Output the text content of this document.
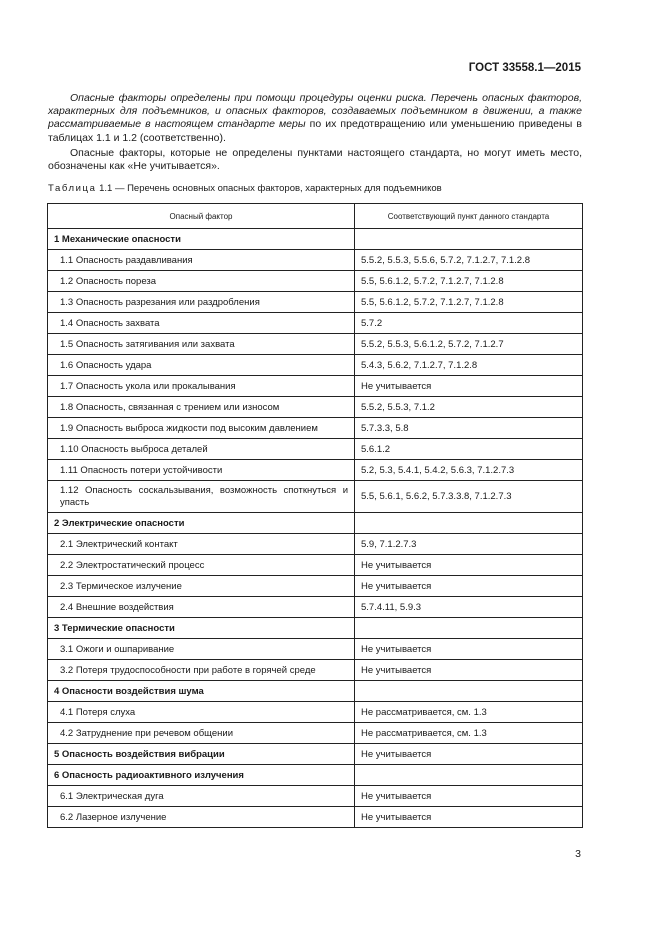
ГОСТ 33558.1—2015

Опасные факторы определены при помощи процедуры оценки риска. Перечень опасных факторов, характерных для подъемников, и опасных факторов, создаваемых подъемником в движении, а также рассматриваемые в настоящем стандарте меры по их предотвращению или уменьшению приведены в таблицах 1.1 и 1.2 (соответственно).

Опасные факторы, которые не определены пунктами настоящего стандарта, но могут иметь место, обозначены как «Не учитывается».

Таблица 1.1 — Перечень основных опасных факторов, характерных для подъемников
Опасный фактор	Соответствующий пункт данного стандарта
1 Механические опасности	
1.1 Опасность раздавливания	5.5.2, 5.5.3, 5.5.6, 5.7.2, 7.1.2.7, 7.1.2.8
1.2 Опасность пореза	5.5, 5.6.1.2, 5.7.2, 7.1.2.7, 7.1.2.8
1.3 Опасность разрезания или раздробления	5.5, 5.6.1.2, 5.7.2, 7.1.2.7, 7.1.2.8
1.4 Опасность захвата	5.7.2
1.5 Опасность затягивания или захвата	5.5.2, 5.5.3, 5.6.1.2, 5.7.2, 7.1.2.7
1.6 Опасность удара	5.4.3, 5.6.2, 7.1.2.7, 7.1.2.8
1.7 Опасность укола или прокалывания	Не учитывается
1.8 Опасность, связанная с трением или износом	5.5.2, 5.5.3, 7.1.2
1.9 Опасность выброса жидкости под высоким давлением	5.7.3.3, 5.8
1.10 Опасность выброса деталей	5.6.1.2
1.11 Опасность потери устойчивости	5.2, 5.3, 5.4.1, 5.4.2, 5.6.3, 7.1.2.7.3
1.12 Опасность соскальзывания, возможность споткнуться и упасть	5.5, 5.6.1, 5.6.2, 5.7.3.3.8, 7.1.2.7.3
2 Электрические опасности	
2.1 Электрический контакт	5.9, 7.1.2.7.3
2.2 Электростатический процесс	Не учитывается
2.3 Термическое излучение	Не учитывается
2.4 Внешние воздействия	5.7.4.11, 5.9.3
3 Термические опасности	
3.1 Ожоги и ошпаривание	Не учитывается
3.2 Потеря трудоспособности при работе в горячей среде	Не учитывается
4 Опасности воздействия шума	
4.1 Потеря слуха	Не рассматривается, см. 1.3
4.2 Затруднение при речевом общении	Не рассматривается, см. 1.3
5 Опасность воздействия вибрации	Не учитывается
6 Опасность радиоактивного излучения	
6.1 Электрическая дуга	Не учитывается
6.2 Лазерное излучение	Не учитывается
3
